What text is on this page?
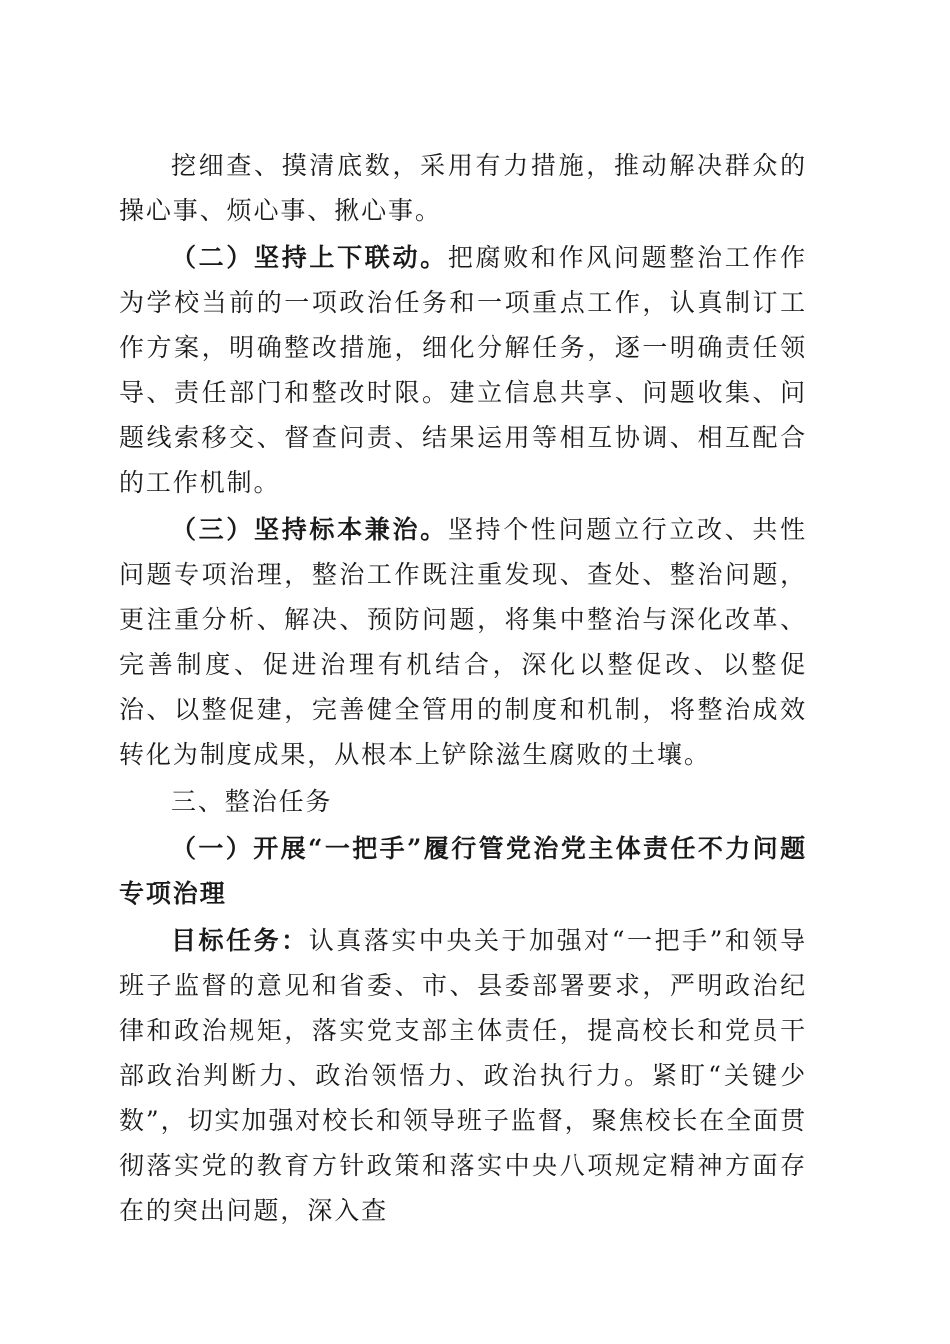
挖细查、摸清底数，采用有力措施，推动解决群众的操心事、烦心事、揪心事。

（二）坚持上下联动。把腐败和作风问题整治工作作为学校当前的一项政治任务和一项重点工作，认真制订工作方案，明确整改措施，细化分解任务，逐一明确责任领导、责任部门和整改时限。建立信息共享、问题收集、问题线索移交、督查问责、结果运用等相互协调、相互配合的工作机制。

（三）坚持标本兼治。坚持个性问题立行立改、共性问题专项治理，整治工作既注重发现、查处、整治问题，更注重分析、解决、预防问题，将集中整治与深化改革、完善制度、促进治理有机结合，深化以整促改、以整促治、以整促建，完善健全管用的制度和机制，将整治成效转化为制度成果，从根本上铲除滋生腐败的土壤。

三、整治任务

（一）开展“一把手”履行管党治党主体责任不力问题专项治理

目标任务：认真落实中央关于加强对“一把手”和领导班子监督的意见和省委、市、县委部署要求，严明政治纪律和政治规矩，落实党支部主体责任，提高校长和党员干部政治判断力、政治领悟力、政治执行力。紧盯“关键少数”，切实加强对校长和领导班子监督，聚焦校长在全面贯彻落实党的教育方针政策和落实中央八项规定精神方面存在的突出问题，深入查
